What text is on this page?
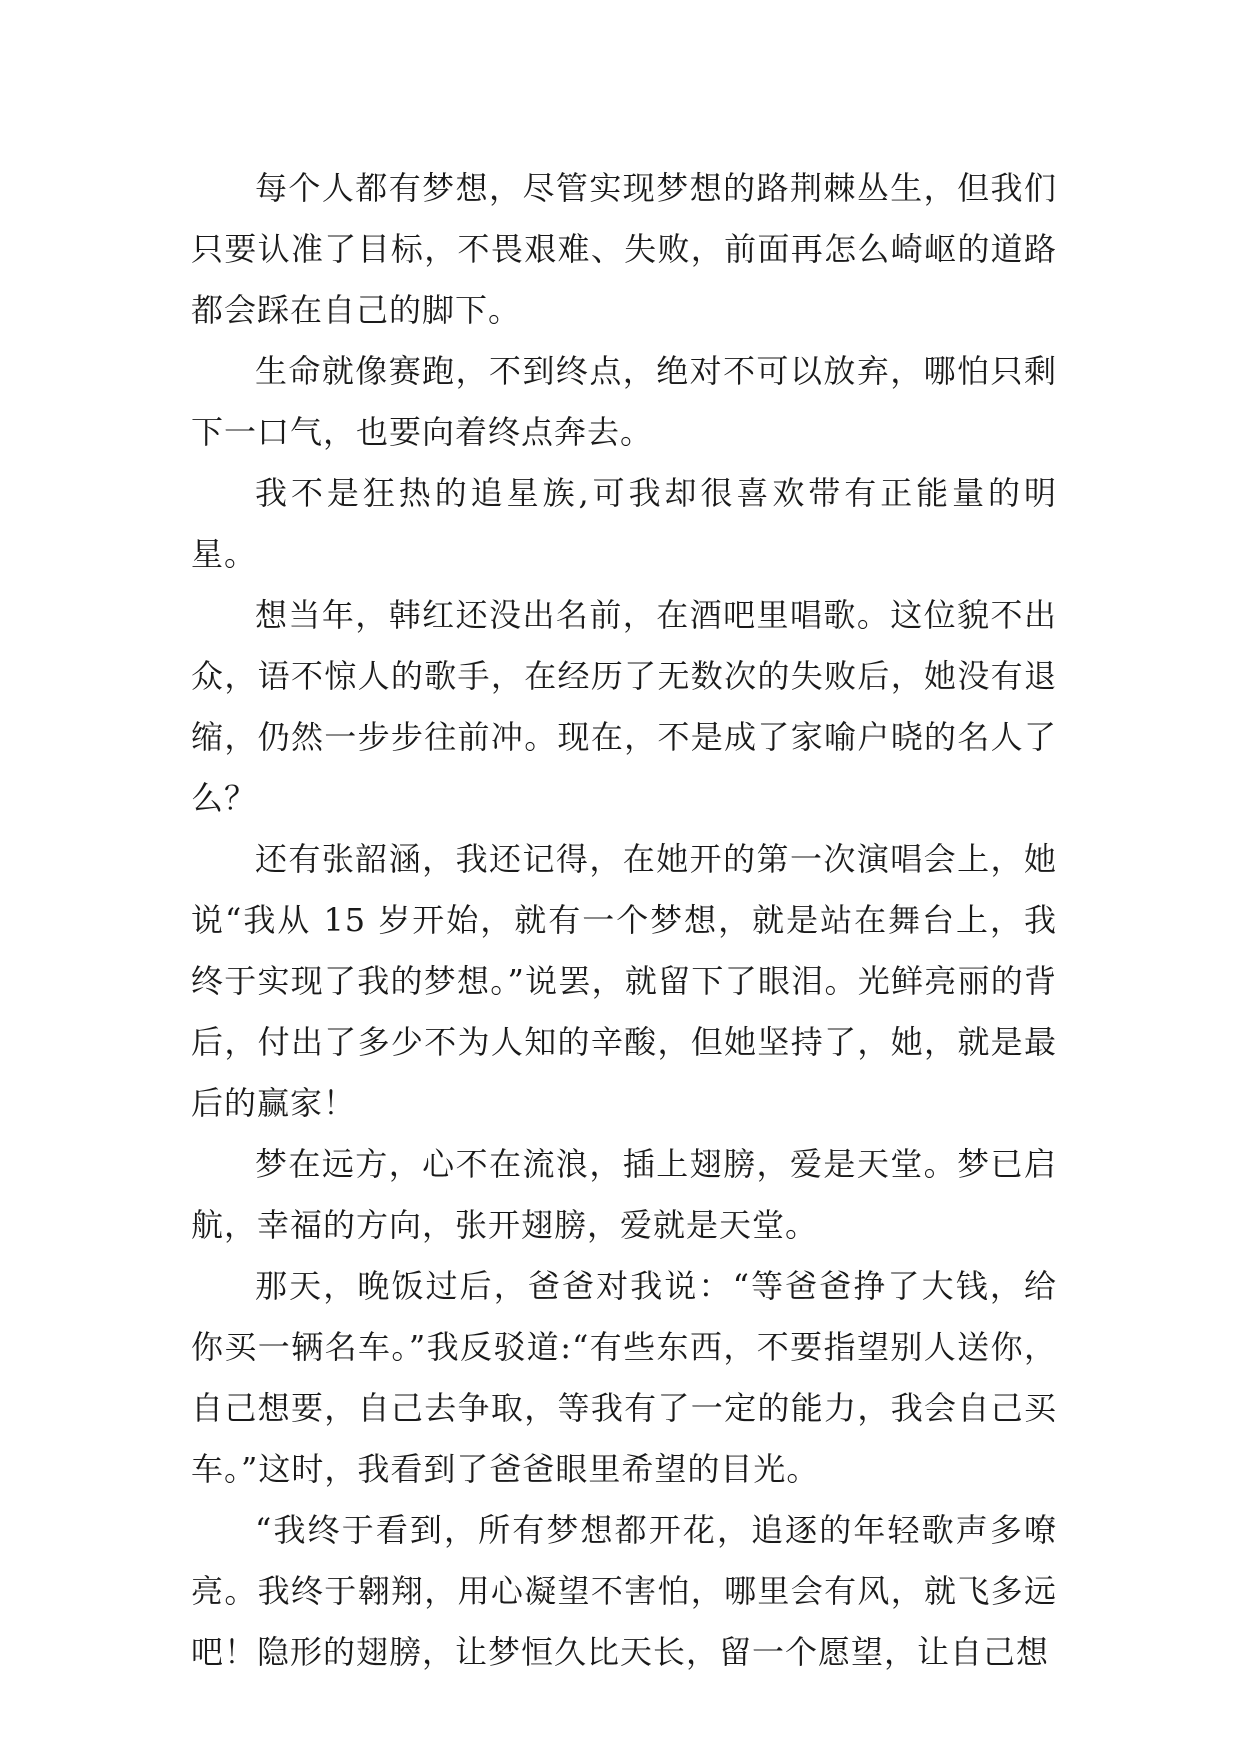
每个人都有梦想，尽管实现梦想的路荆棘丛生，但我们只要认准了目标，不畏艰难、失败，前面再怎么崎岖的道路都会踩在自己的脚下。

生命就像赛跑，不到终点，绝对不可以放弃，哪怕只剩下一口气，也要向着终点奔去。

我不是狂热的追星族,可我却很喜欢带有正能量的明星。

想当年，韩红还没出名前，在酒吧里唱歌。这位貌不出众，语不惊人的歌手，在经历了无数次的失败后，她没有退缩，仍然一步步往前冲。现在，不是成了家喻户晓的名人了么？

还有张韶涵，我还记得，在她开的第一次演唱会上，她说“我从 15 岁开始，就有一个梦想，就是站在舞台上，我终于实现了我的梦想。”说罢，就留下了眼泪。光鲜亮丽的背后，付出了多少不为人知的辛酸，但她坚持了，她，就是最后的赢家！

梦在远方，心不在流浪，插上翅膀，爱是天堂。梦已启航，幸福的方向，张开翅膀，爱就是天堂。

那天，晚饭过后，爸爸对我说：“等爸爸挣了大钱，给你买一辆名车。”我反驳道:“有些东西，不要指望别人送你，自己想要，自己去争取，等我有了一定的能力，我会自己买车。”这时，我看到了爸爸眼里希望的目光。

“我终于看到，所有梦想都开花，追逐的年轻歌声多嘹亮。我终于翱翔，用心凝望不害怕，哪里会有风，就飞多远吧！隐形的翅膀，让梦恒久比天长，留一个愿望，让自己想
